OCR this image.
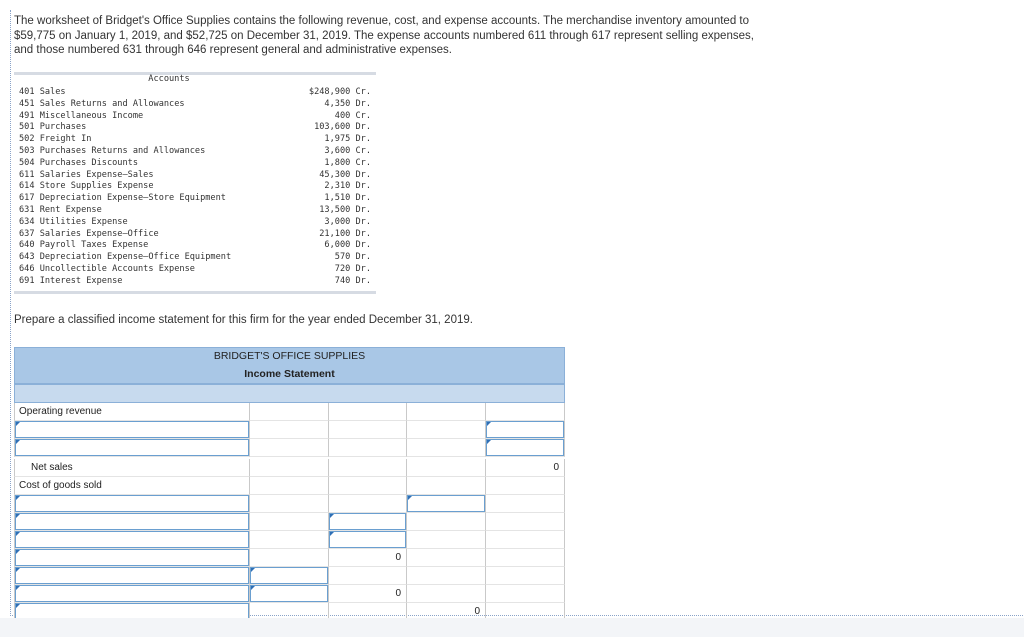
The worksheet of Bridget's Office Supplies contains the following revenue, cost, and expense accounts. The merchandise inventory amounted to $59,775 on January 1, 2019, and $52,725 on December 31, 2019. The expense accounts numbered 611 through 617 represent selling expenses, and those numbered 631 through 646 represent general and administrative expenses.
Accounts
401 Sales	$248,900 Cr.
451 Sales Returns and Allowances	4,350 Dr.
491 Miscellaneous Income	400 Cr.
501 Purchases	103,600 Dr.
502 Freight In	1,975 Dr.
503 Purchases Returns and Allowances	3,600 Cr.
504 Purchases Discounts	1,800 Cr.
611 Salaries Expense—Sales	45,300 Dr.
614 Store Supplies Expense	2,310 Dr.
617 Depreciation Expense—Store Equipment	1,510 Dr.
631 Rent Expense	13,500 Dr.
634 Utilities Expense	3,000 Dr.
637 Salaries Expense—Office	21,100 Dr.
640 Payroll Taxes Expense	6,000 Dr.
643 Depreciation Expense—Office Equipment	570 Dr.
646 Uncollectible Accounts Expense	720 Dr.
691 Interest Expense	740 Dr.
Prepare a classified income statement for this firm for the year ended December 31, 2019.
BRIDGET'S OFFICE SUPPLIES
Income Statement
Operating revenue
Net sales	0
Cost of goods sold
0
0
0
